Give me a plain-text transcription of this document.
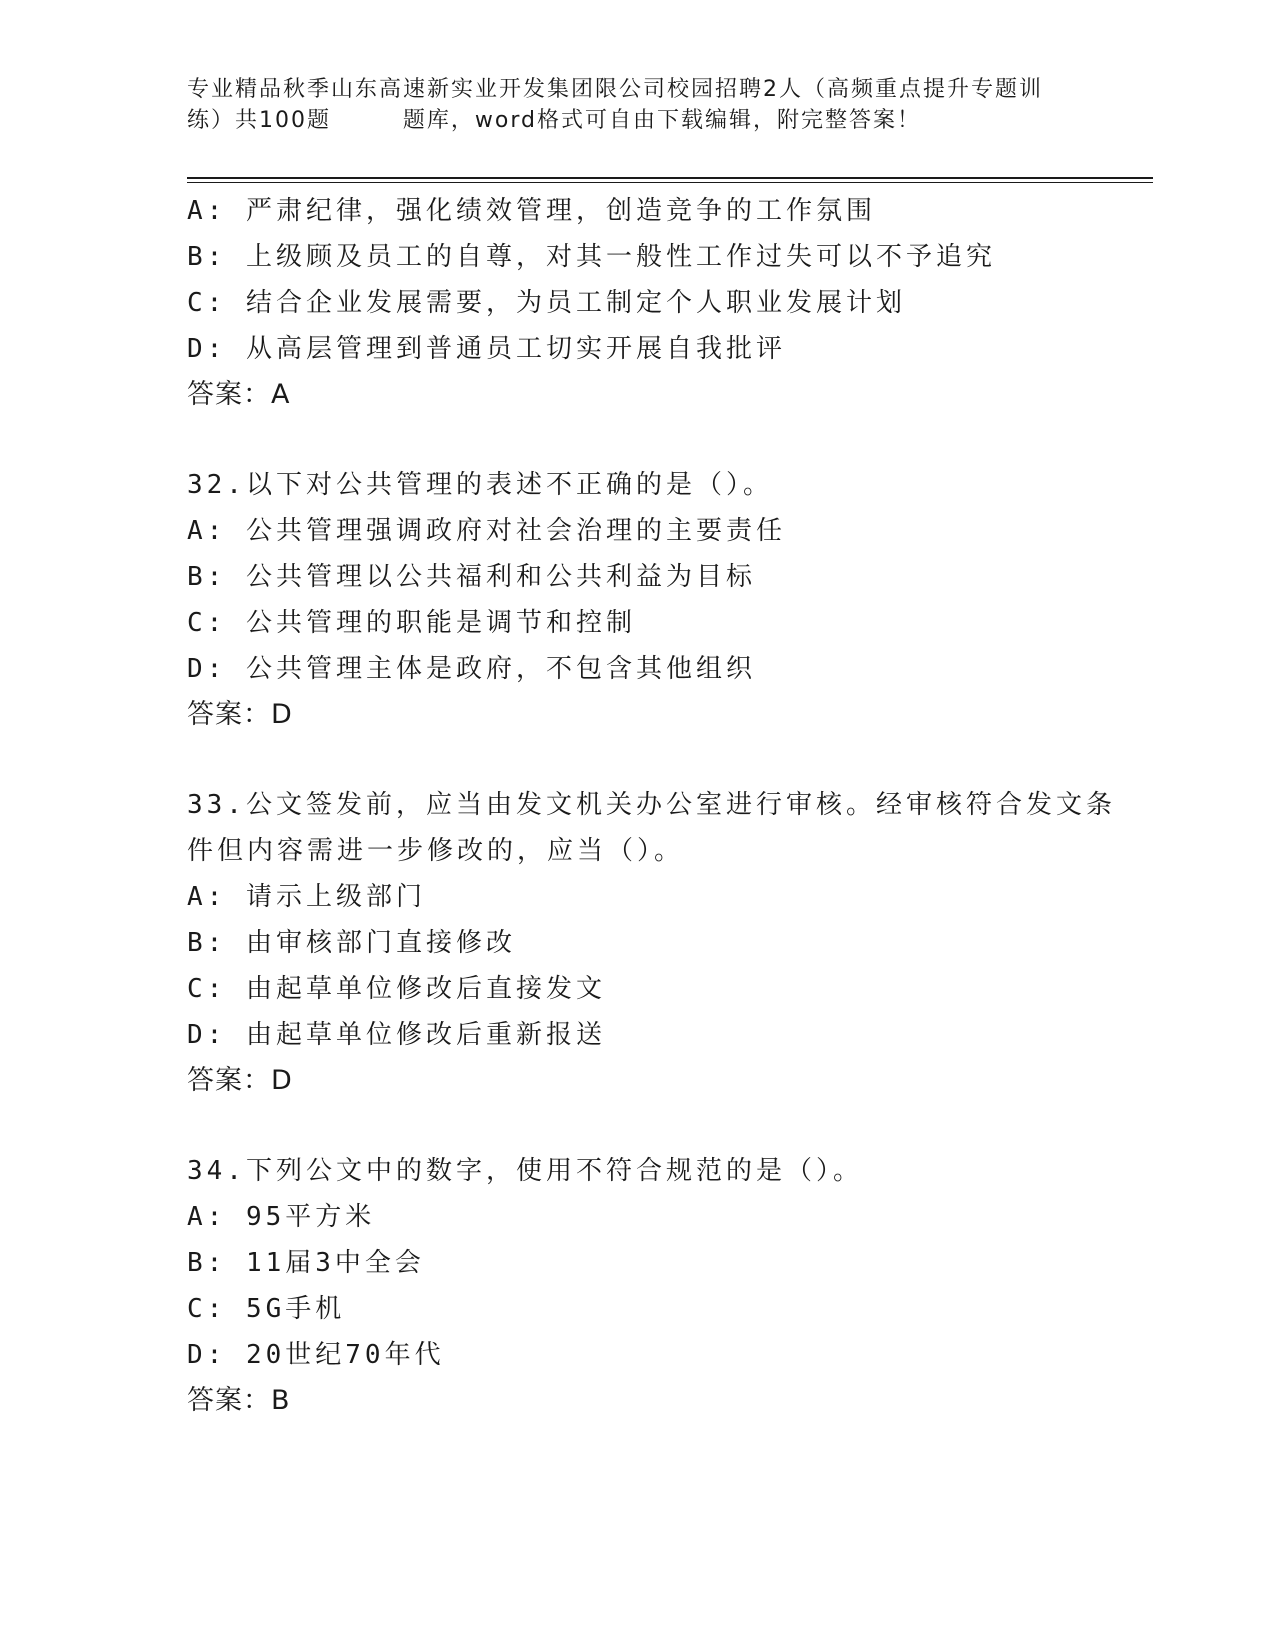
专业精品秋季山东高速新实业开发集团限公司校园招聘2人（高频重点提升专题训
练）共100题        题库，word格式可自由下载编辑，附完整答案！
A: 严肃纪律，强化绩效管理，创造竞争的工作氛围
B: 上级顾及员工的自尊，对其一般性工作过失可以不予追究
C: 结合企业发展需要，为员工制定个人职业发展计划
D: 从高层管理到普通员工切实开展自我批评
答案：A
32.以下对公共管理的表述不正确的是（）。
A: 公共管理强调政府对社会治理的主要责任
B: 公共管理以公共福利和公共利益为目标
C: 公共管理的职能是调节和控制
D: 公共管理主体是政府，不包含其他组织
答案：D
33.公文签发前，应当由发文机关办公室进行审核。经审核符合发文条
件但内容需进一步修改的，应当（）。
A: 请示上级部门
B: 由审核部门直接修改
C: 由起草单位修改后直接发文
D: 由起草单位修改后重新报送
答案：D
34.下列公文中的数字，使用不符合规范的是（）。
A: 95平方米
B: 11届3中全会
C: 5G手机
D: 20世纪70年代
答案：B
